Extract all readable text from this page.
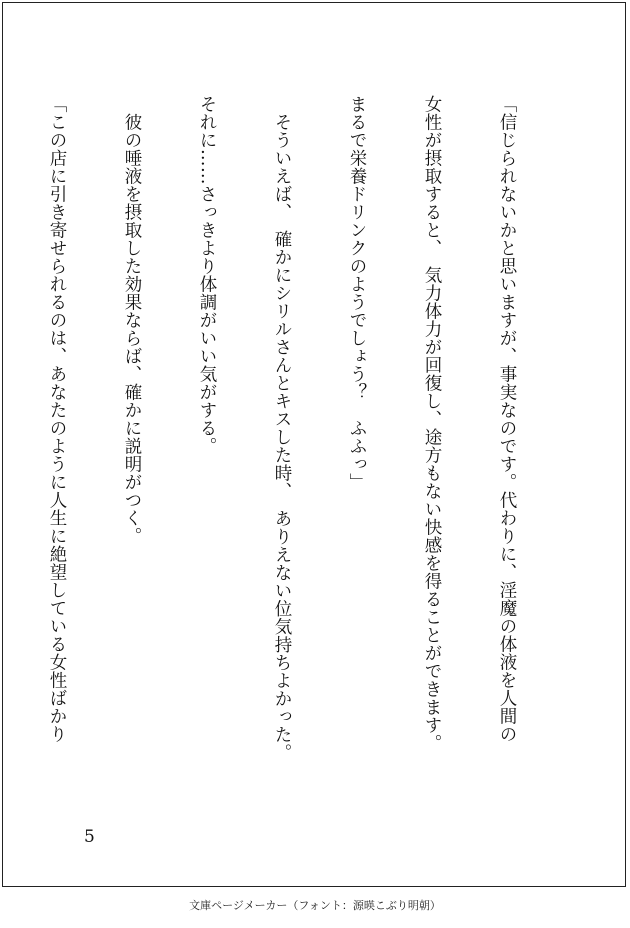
「信じられないかと思いますが、事実なのです。代わりに、淫魔の体液を人間の

女性が摂取すると、　気力体力が回復し、途方もない快感を得ることができます。

まるで栄養ドリンクのようでしょう？　ふふっ」

　そういえば、　確かにシリルさんとキスした時、　ありえない位気持ちよかった。

それに……さっきより体調がいい気がする。

　彼の唾液を摂取した効果ならば、確かに説明がつく。

「この店に引き寄せられるのは、あなたのように人生に絶望している女性ばかり

5
文庫ページメーカー（フォント：源暎こぶり明朝）
